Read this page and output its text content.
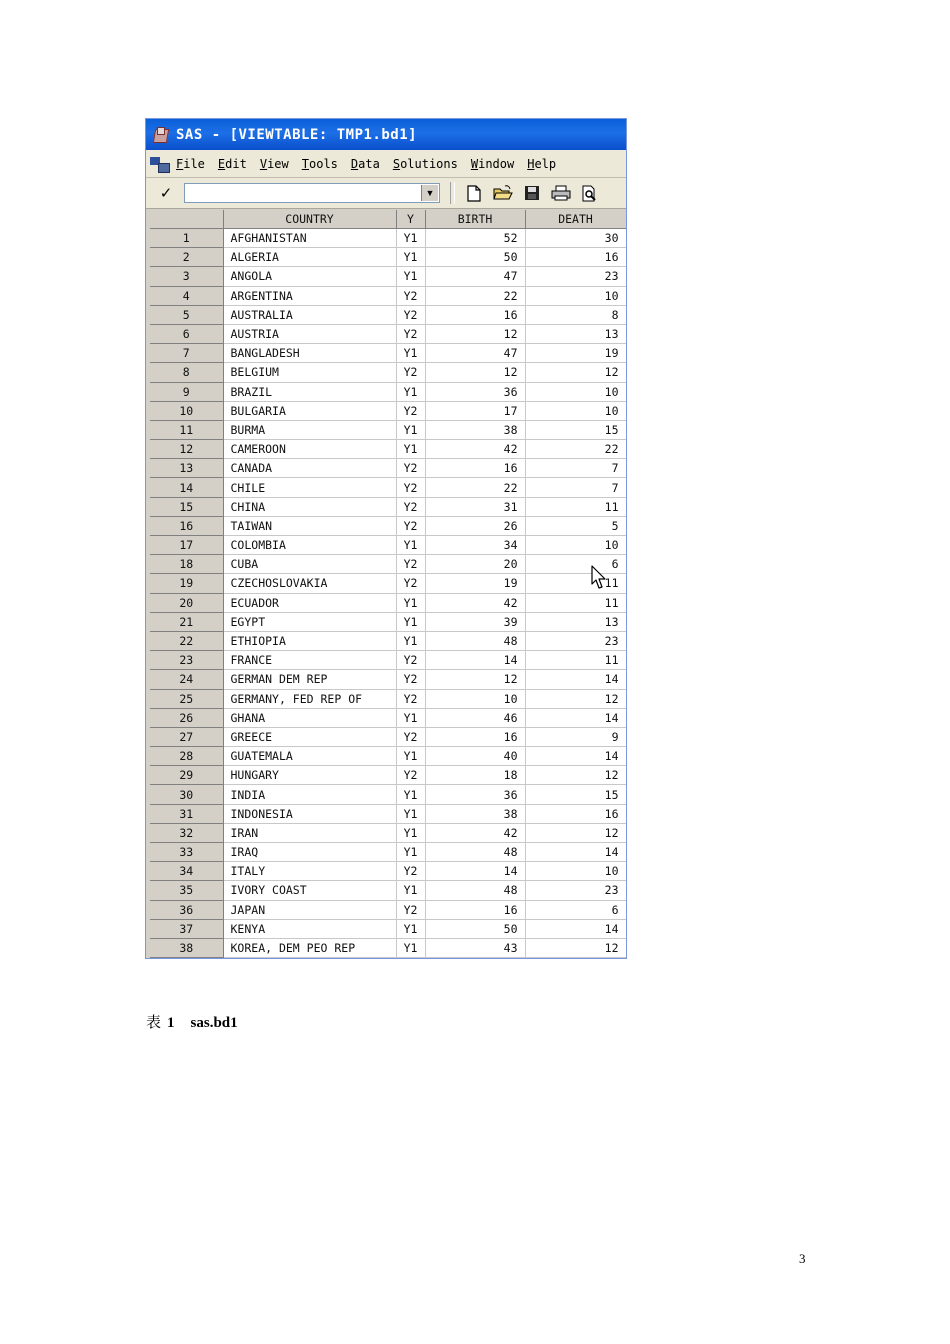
SAS - [VIEWTABLE: TMP1.bd1]
File Edit View Tools Data Solutions Window Help
✓	▼
	COUNTRY	Y	BIRTH	DEATH
1	AFGHANISTAN	Y1	52	30
2	ALGERIA	Y1	50	16
3	ANGOLA	Y1	47	23
4	ARGENTINA	Y2	22	10
5	AUSTRALIA	Y2	16	8
6	AUSTRIA	Y2	12	13
7	BANGLADESH	Y1	47	19
8	BELGIUM	Y2	12	12
9	BRAZIL	Y1	36	10
10	BULGARIA	Y2	17	10
11	BURMA	Y1	38	15
12	CAMEROON	Y1	42	22
13	CANADA	Y2	16	7
14	CHILE	Y2	22	7
15	CHINA	Y2	31	11
16	TAIWAN	Y2	26	5
17	COLOMBIA	Y1	34	10
18	CUBA	Y2	20	6
19	CZECHOSLOVAKIA	Y2	19	11
20	ECUADOR	Y1	42	11
21	EGYPT	Y1	39	13
22	ETHIOPIA	Y1	48	23
23	FRANCE	Y2	14	11
24	GERMAN DEM REP	Y2	12	14
25	GERMANY, FED REP OF	Y2	10	12
26	GHANA	Y1	46	14
27	GREECE	Y2	16	9
28	GUATEMALA	Y1	40	14
29	HUNGARY	Y2	18	12
30	INDIA	Y1	36	15
31	INDONESIA	Y1	38	16
32	IRAN	Y1	42	12
33	IRAQ	Y1	48	14
34	ITALY	Y2	14	10
35	IVORY COAST	Y1	48	23
36	JAPAN	Y2	16	6
37	KENYA	Y1	50	14
38	KOREA, DEM PEO REP	Y1	43	12
表 1 sas.bd1
3
